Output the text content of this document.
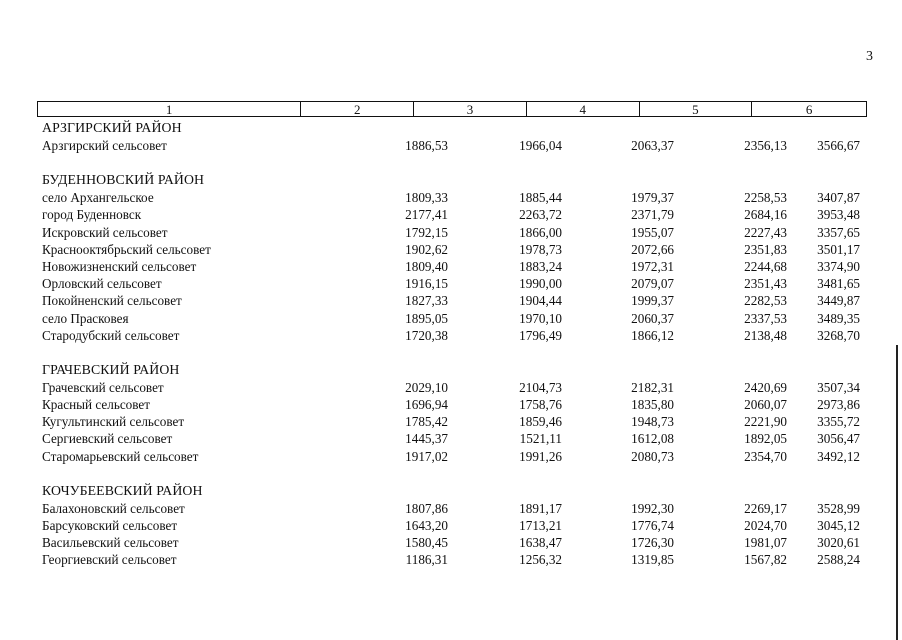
3
1	2	3	4	5	6
АРЗГИРСКИЙ РАЙОН
Арзгирский сельсовет	1886,53	1966,04	2063,37	2356,13 3566,67
БУДЕННОВСКИЙ РАЙОН
село Архангельское	1809,33	1885,44	1979,37	2258,53 3407,87
город Буденновск	2177,41	2263,72	2371,79	2684,16 3953,48
Искровский сельсовет	1792,15	1866,00	1955,07	2227,43 3357,65
Краснооктябрьский сельсовет	1902,62	1978,73	2072,66	2351,83 3501,17
Новожизненский сельсовет	1809,40	1883,24	1972,31	2244,68 3374,90
Орловский сельсовет	1916,15	1990,00	2079,07	2351,43 3481,65
Покойненский сельсовет	1827,33	1904,44	1999,37	2282,53 3449,87
село Прасковея	1895,05	1970,10	2060,37	2337,53 3489,35
Стародубский сельсовет	1720,38	1796,49	1866,12	2138,48 3268,70
ГРАЧЕВСКИЙ РАЙОН
Грачевский сельсовет	2029,10	2104,73	2182,31	2420,69 3507,34
Красный сельсовет	1696,94	1758,76	1835,80	2060,07 2973,86
Кугультинский сельсовет	1785,42	1859,46	1948,73	2221,90 3355,72
Сергиевский сельсовет	1445,37	1521,11	1612,08	1892,05 3056,47
Старомарьевский сельсовет	1917,02	1991,26	2080,73	2354,70 3492,12
КОЧУБЕЕВСКИЙ РАЙОН
Балахоновский сельсовет	1807,86	1891,17	1992,30	2269,17 3528,99
Барсуковский сельсовет	1643,20	1713,21	1776,74	2024,70 3045,12
Васильевский сельсовет	1580,45	1638,47	1726,30	1981,07 3020,61
Георгиевский сельсовет	1186,31	1256,32	1319,85	1567,82 2588,24
